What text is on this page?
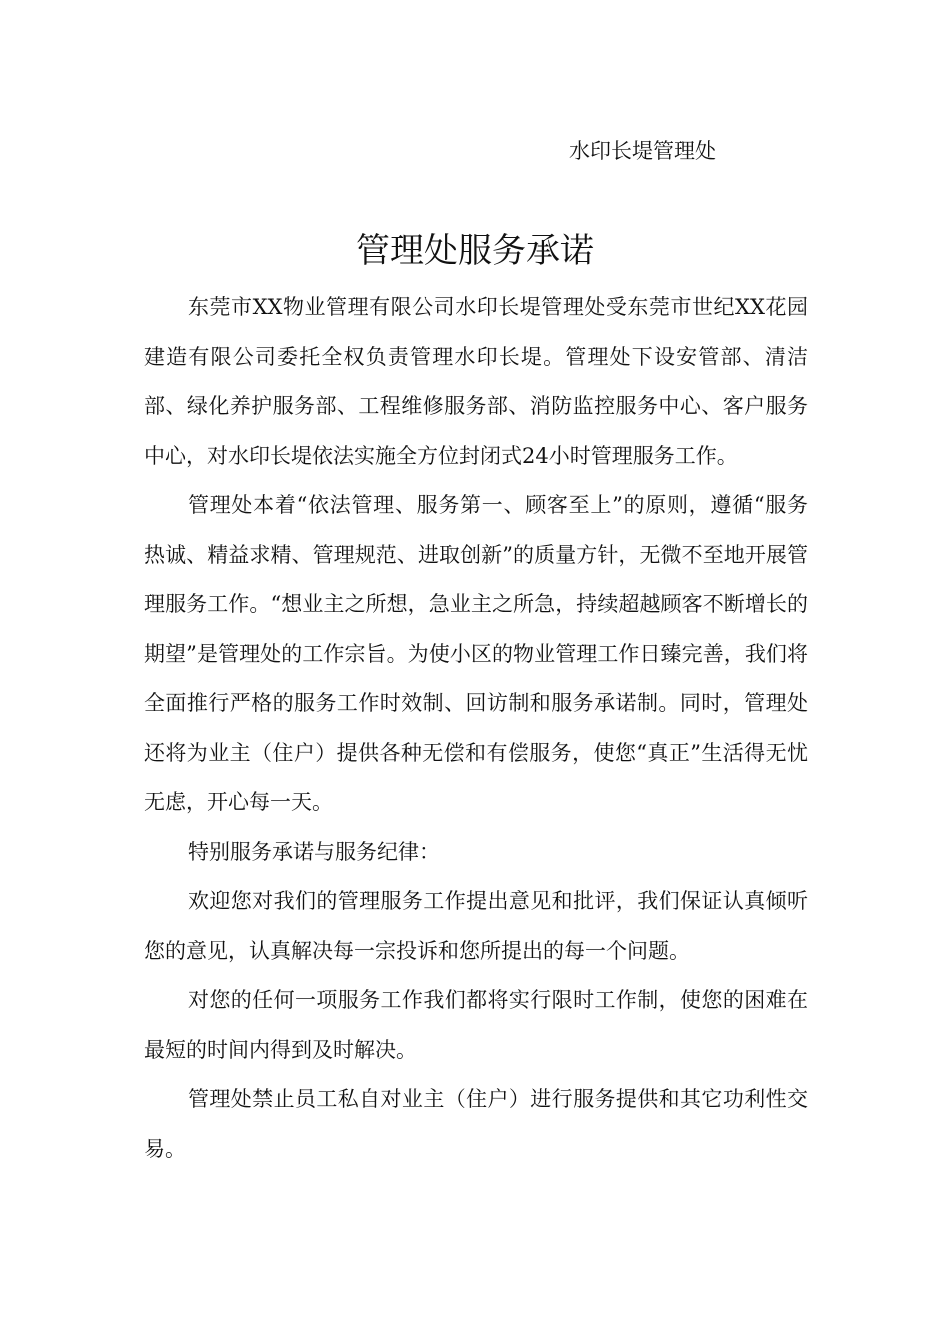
水印长堤管理处
管理处服务承诺

东莞市XX物业管理有限公司水印长堤管理处受东莞市世纪XX花园建造有限公司委托全权负责管理水印长堤。管理处下设安管部、清洁部、绿化养护服务部、工程维修服务部、消防监控服务中心、客户服务中心，对水印长堤依法实施全方位封闭式24小时管理服务工作。

管理处本着“依法管理、服务第一、顾客至上”的原则，遵循“服务热诚、精益求精、管理规范、进取创新”的质量方针，无微不至地开展管理服务工作。“想业主之所想，急业主之所急，持续超越顾客不断增长的期望”是管理处的工作宗旨。为使小区的物业管理工作日臻完善，我们将全面推行严格的服务工作时效制、回访制和服务承诺制。同时，管理处还将为业主（住户）提供各种无偿和有偿服务，使您“真正”生活得无忧无虑，开心每一天。

特别服务承诺与服务纪律：

欢迎您对我们的管理服务工作提出意见和批评，我们保证认真倾听您的意见，认真解决每一宗投诉和您所提出的每一个问题。

对您的任何一项服务工作我们都将实行限时工作制，使您的困难在最短的时间内得到及时解决。

管理处禁止员工私自对业主（住户）进行服务提供和其它功利性交易。
